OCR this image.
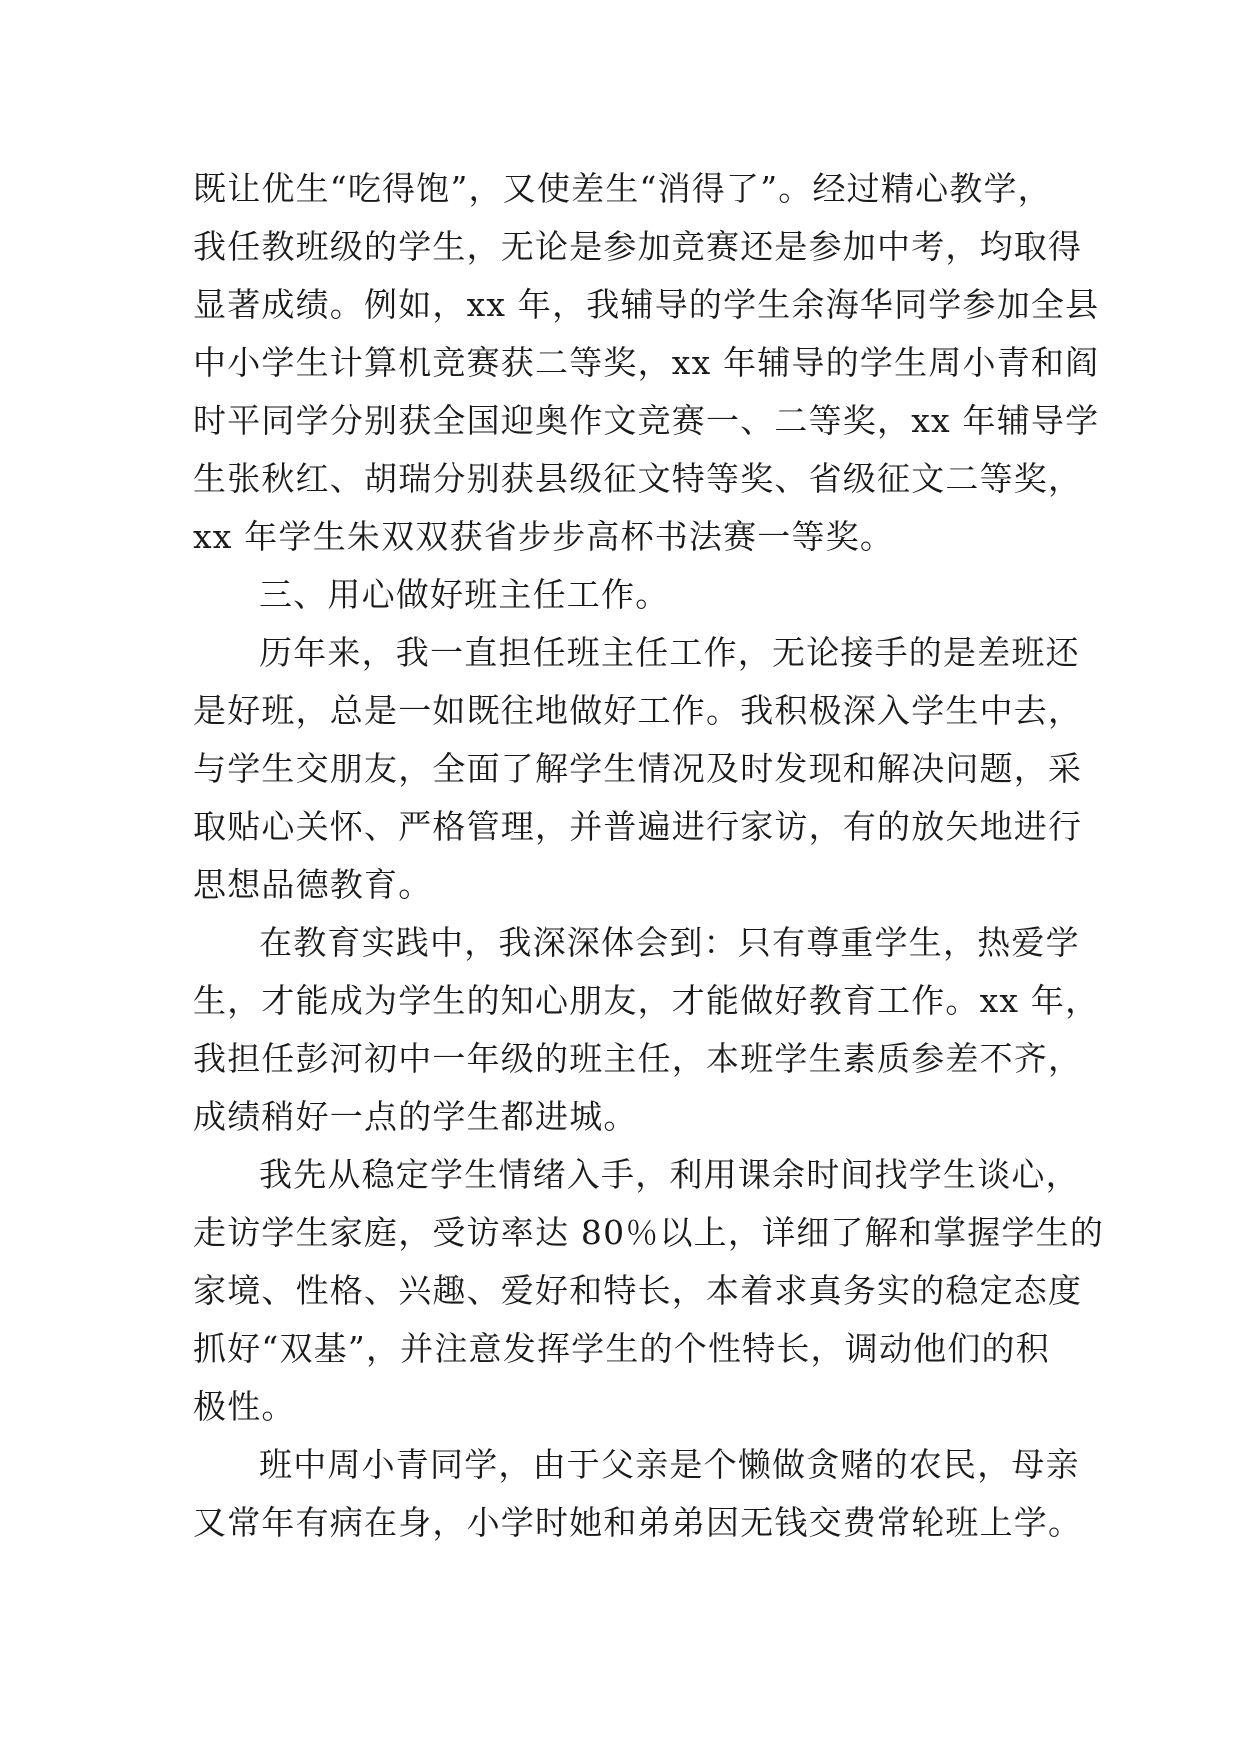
既让优生“吃得饱”，又使差生“消得了”。经过精心教学，
我任教班级的学生，无论是参加竞赛还是参加中考，均取得
显著成绩。例如，xx 年，我辅导的学生余海华同学参加全县
中小学生计算机竞赛获二等奖，xx 年辅导的学生周小青和阎
时平同学分别获全国迎奥作文竞赛一、二等奖，xx 年辅导学
生张秋红、胡瑞分别获县级征文特等奖、省级征文二等奖，
xx 年学生朱双双获省步步高杯书法赛一等奖。
三、用心做好班主任工作。
历年来，我一直担任班主任工作，无论接手的是差班还
是好班，总是一如既往地做好工作。我积极深入学生中去，
与学生交朋友，全面了解学生情况及时发现和解决问题，采
取贴心关怀、严格管理，并普遍进行家访，有的放矢地进行
思想品德教育。
在教育实践中，我深深体会到：只有尊重学生，热爱学
生，才能成为学生的知心朋友，才能做好教育工作。xx 年，
我担任彭河初中一年级的班主任，本班学生素质参差不齐，
成绩稍好一点的学生都进城。
我先从稳定学生情绪入手，利用课余时间找学生谈心，
走访学生家庭，受访率达 80％以上，详细了解和掌握学生的
家境、性格、兴趣、爱好和特长，本着求真务实的稳定态度
抓好“双基”，并注意发挥学生的个性特长，调动他们的积
极性。
班中周小青同学，由于父亲是个懒做贪赌的农民，母亲
又常年有病在身，小学时她和弟弟因无钱交费常轮班上学。
